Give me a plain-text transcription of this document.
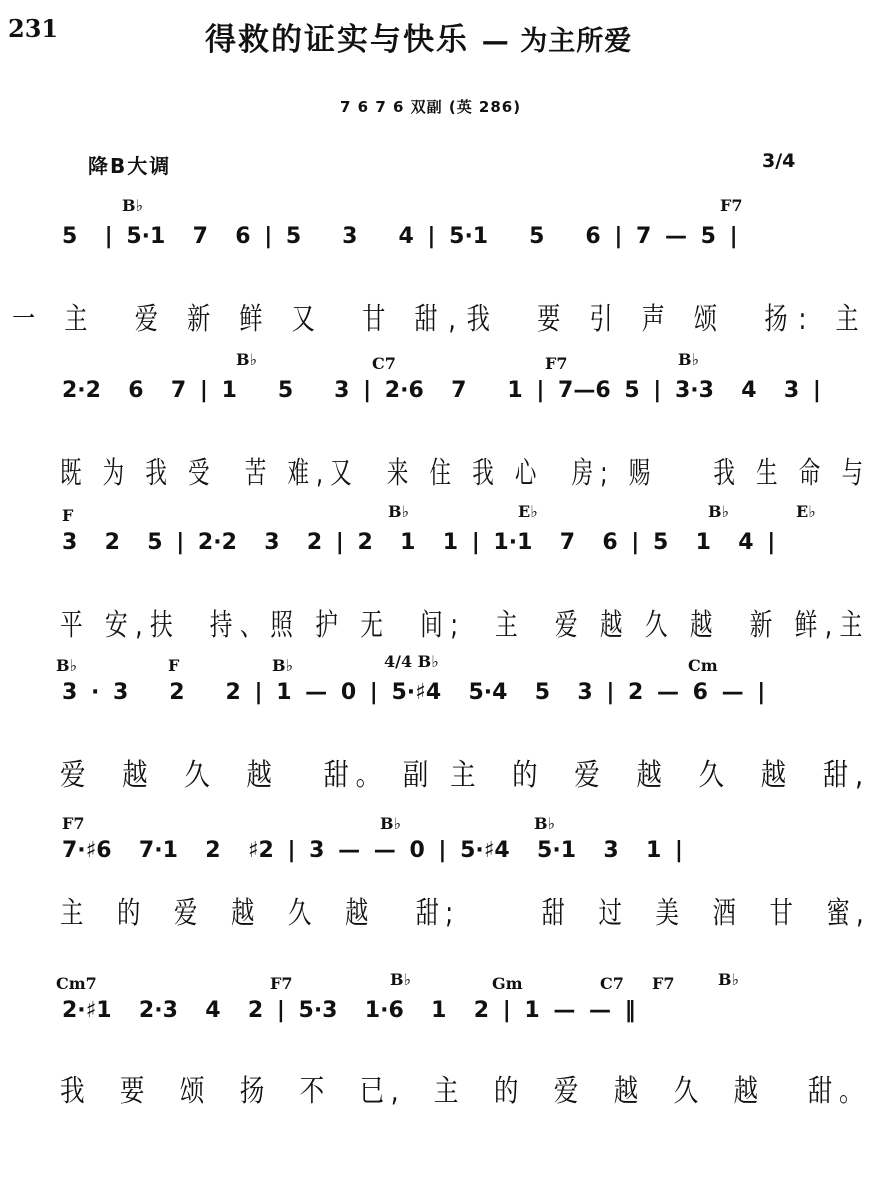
231	得救的证实与快乐 — 为主所爱
7 6 7 6 双副 (英 286)
降B大调	3/4
B♭	F7
5  | 5·1  7  6 | 5   3   4 | 5·1   5   6 | 7 — 5 |

一 主  爱 新 鲜 又  甘 甜,我  要 引 声 颂  扬: 主

B♭	C7	F7	B♭
2·2  6  7 | 1   5   3 | 2·6  7   1 | 7—6 5 | 3·3  4  3 |

既 为 我 受  苦 难,又  来 住 我 心  房; 赐    我 生 命 与

F	B♭	E♭	B♭	E♭
3  2  5 | 2·2  3  2 | 2  1  1 | 1·1  7  6 | 5  1  4 |

平 安,扶  持、照 护 无  间;  主  爱 越 久 越  新 鲜,主

B♭	F	B♭	4/4 B♭	Cm
3 · 3   2   2 | 1 — 0 | 5·♯4  5·4  5  3 | 2 — 6 — |

爱  越  久  越   甜。 副 主  的  爱  越  久  越  甜,

F7	B♭	B♭
7·♯6  7·1  2  ♯2 | 3 — — 0 | 5·♯4  5·1  3  1 |

主  的  爱  越  久  越   甜;      甜  过  美  酒  甘  蜜,

Cm7	F7	B♭	Gm	C7 F7	B♭
2·♯1  2·3  4  2 | 5·3  1·6  1  2 | 1 — — ‖

我  要  颂  扬  不  已,  主  的  爱  越  久  越   甜。
